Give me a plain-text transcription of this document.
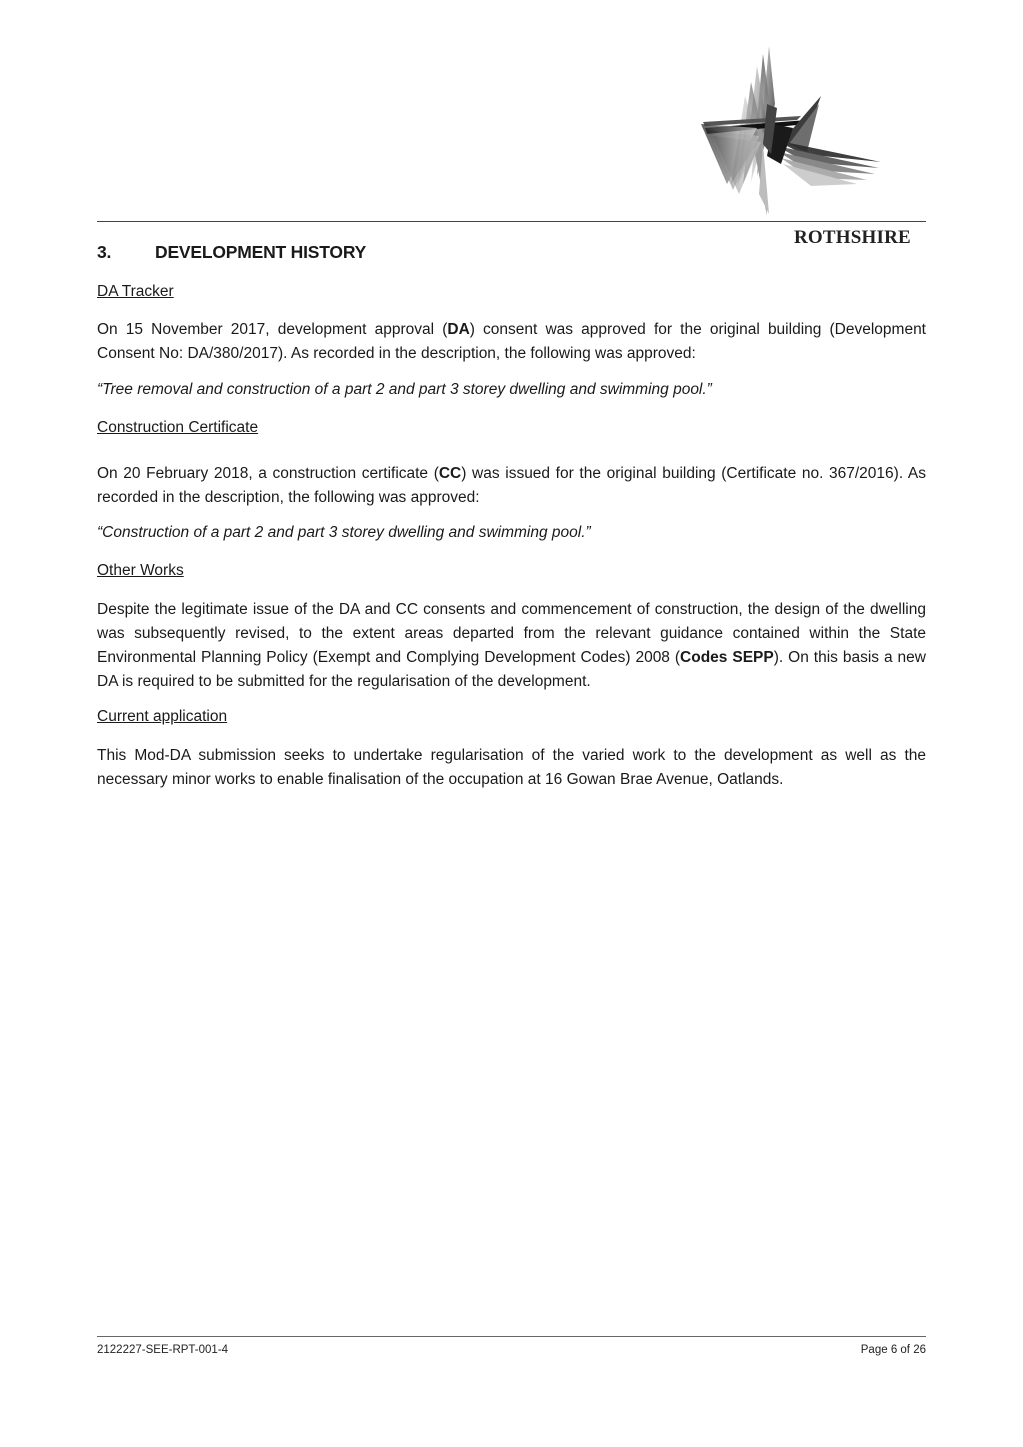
ROTHSHIRE
3.	DEVELOPMENT HISTORY
DA Tracker
On 15 November 2017, development approval (DA) consent was approved for the original building (Development Consent No: DA/380/2017). As recorded in the description, the following was approved:
“Tree removal and construction of a part 2 and part 3 storey dwelling and swimming pool.”
Construction Certificate
On 20 February 2018, a construction certificate (CC) was issued for the original building (Certificate no. 367/2016). As recorded in the description, the following was approved:
“Construction of a part 2 and part 3 storey dwelling and swimming pool.”
Other Works
Despite the legitimate issue of the DA and CC consents and commencement of construction, the design of the dwelling was subsequently revised, to the extent areas departed from the relevant guidance contained within the State Environmental Planning Policy (Exempt and Complying Development Codes) 2008 (Codes SEPP). On this basis a new DA is required to be submitted for the regularisation of the development.
Current application
This Mod-DA submission seeks to undertake regularisation of the varied work to the development as well as the necessary minor works to enable finalisation of the occupation at 16 Gowan Brae Avenue, Oatlands.
2122227-SEE-RPT-001-4	Page 6 of 26
